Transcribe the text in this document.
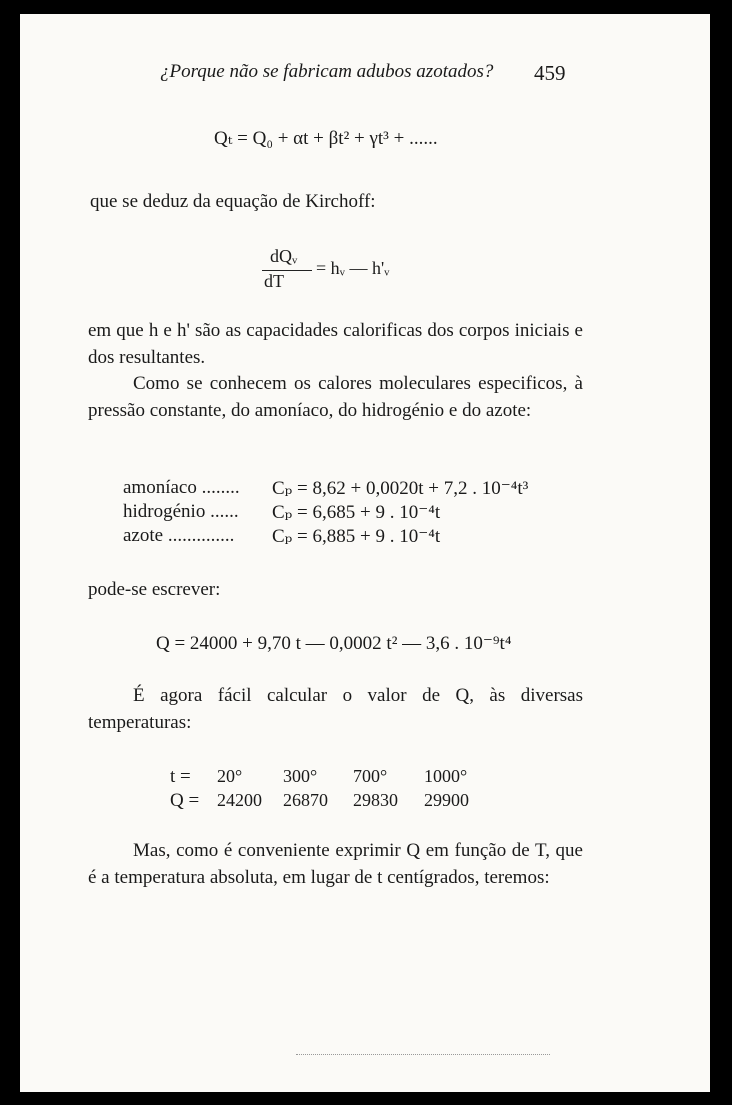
¿Porque não se fabricam adubos azotados? 459
Qₜ = Q₀ + αt + βt² + γt³ + ......
que se deduz da equação de Kirchoff:
dQᵥ
dT
= hᵥ — h'ᵥ
em que h e h' são as capacidades calorificas dos corpos iniciais e dos resultantes.
Como se conhecem os calores moleculares especificos, à pressão constante, do amoníaco, do hidrogénio e do azote:
amoníaco ........ Cₚ = 8,62 + 0,0020t + 7,2 . 10⁻⁴t³
hidrogénio ...... Cₚ = 6,685 + 9 . 10⁻⁴t
azote .............. Cₚ = 6,885 + 9 . 10⁻⁴t
pode-se escrever:
Q = 24000 + 9,70 t — 0,0002 t² — 3,6 . 10⁻⁹t⁴
É agora fácil calcular o valor de Q, às diversas temperaturas:
t = 20° 300° 700° 1000°
Q = 24200 26870 29830 29900
Mas, como é conveniente exprimir Q em função de T, que é a temperatura absoluta, em lugar de t centígrados, teremos:
